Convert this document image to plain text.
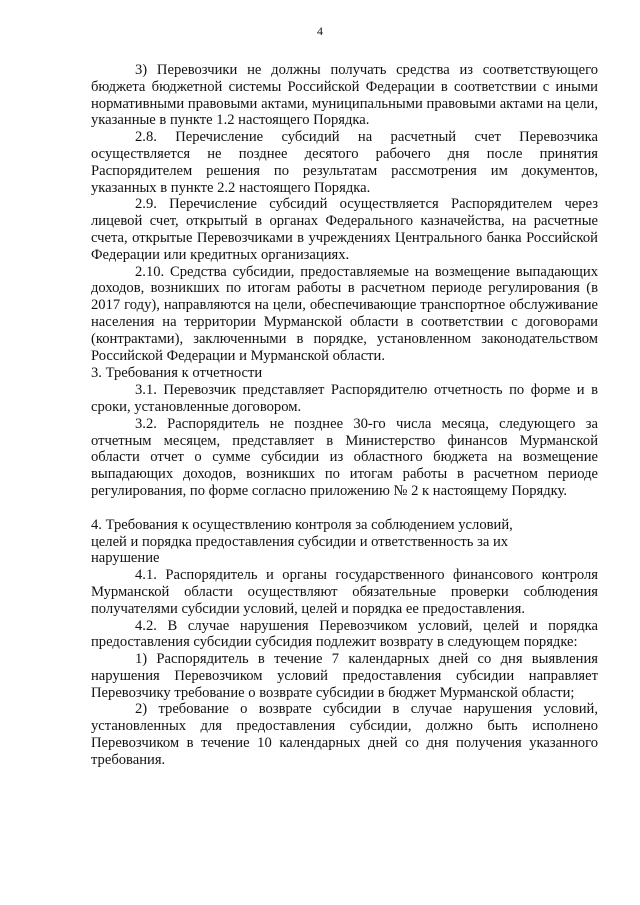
4

3) Перевозчики не должны получать средства из соответствующего бюджета бюджетной системы Российской Федерации в соответствии с иными нормативными правовыми актами, муниципальными правовыми актами на цели, указанные в пункте 1.2 настоящего Порядка.

2.8. Перечисление субсидий на расчетный счет Перевозчика осуществляется не позднее десятого рабочего дня после принятия Распорядителем решения по результатам рассмотрения им документов, указанных в пункте 2.2 настоящего Порядка.

2.9. Перечисление субсидий осуществляется Распорядителем через лицевой счет, открытый в органах Федерального казначейства, на расчетные счета, открытые Перевозчиками в учреждениях Центрального банка Российской Федерации или кредитных организациях.

2.10. Средства субсидии, предоставляемые на возмещение выпадающих доходов, возникших по итогам работы в расчетном периоде регулирования (в 2017 году), направляются на цели, обеспечивающие транспортное обслуживание населения на территории Мурманской области в соответствии с договорами (контрактами), заключенными в порядке, установленном законодательством Российской Федерации и Мурманской области.

3. Требования к отчетности

3.1. Перевозчик представляет Распорядителю отчетность по форме и в сроки, установленные договором.

3.2. Распорядитель не позднее 30-го числа месяца, следующего за отчетным месяцем, представляет в Министерство финансов Мурманской области отчет о сумме субсидии из областного бюджета на возмещение выпадающих доходов, возникших по итогам работы в расчетном периоде регулирования, по форме согласно приложению № 2 к настоящему Порядку.

4. Требования к осуществлению контроля за соблюдением условий,

целей и порядка предоставления субсидии и ответственность за их

нарушение

4.1. Распорядитель и органы государственного финансового контроля Мурманской области осуществляют обязательные проверки соблюдения получателями субсидии условий, целей и порядка ее предоставления.

4.2. В случае нарушения Перевозчиком условий, целей и порядка предоставления субсидии субсидия подлежит возврату в следующем порядке:

1) Распорядитель в течение 7 календарных дней со дня выявления нарушения Перевозчиком условий предоставления субсидии направляет Перевозчику требование о возврате субсидии в бюджет Мурманской области;

2) требование о возврате субсидии в случае нарушения условий, установленных для предоставления субсидии, должно быть исполнено Перевозчиком в течение 10 календарных дней со дня получения указанного требования.
